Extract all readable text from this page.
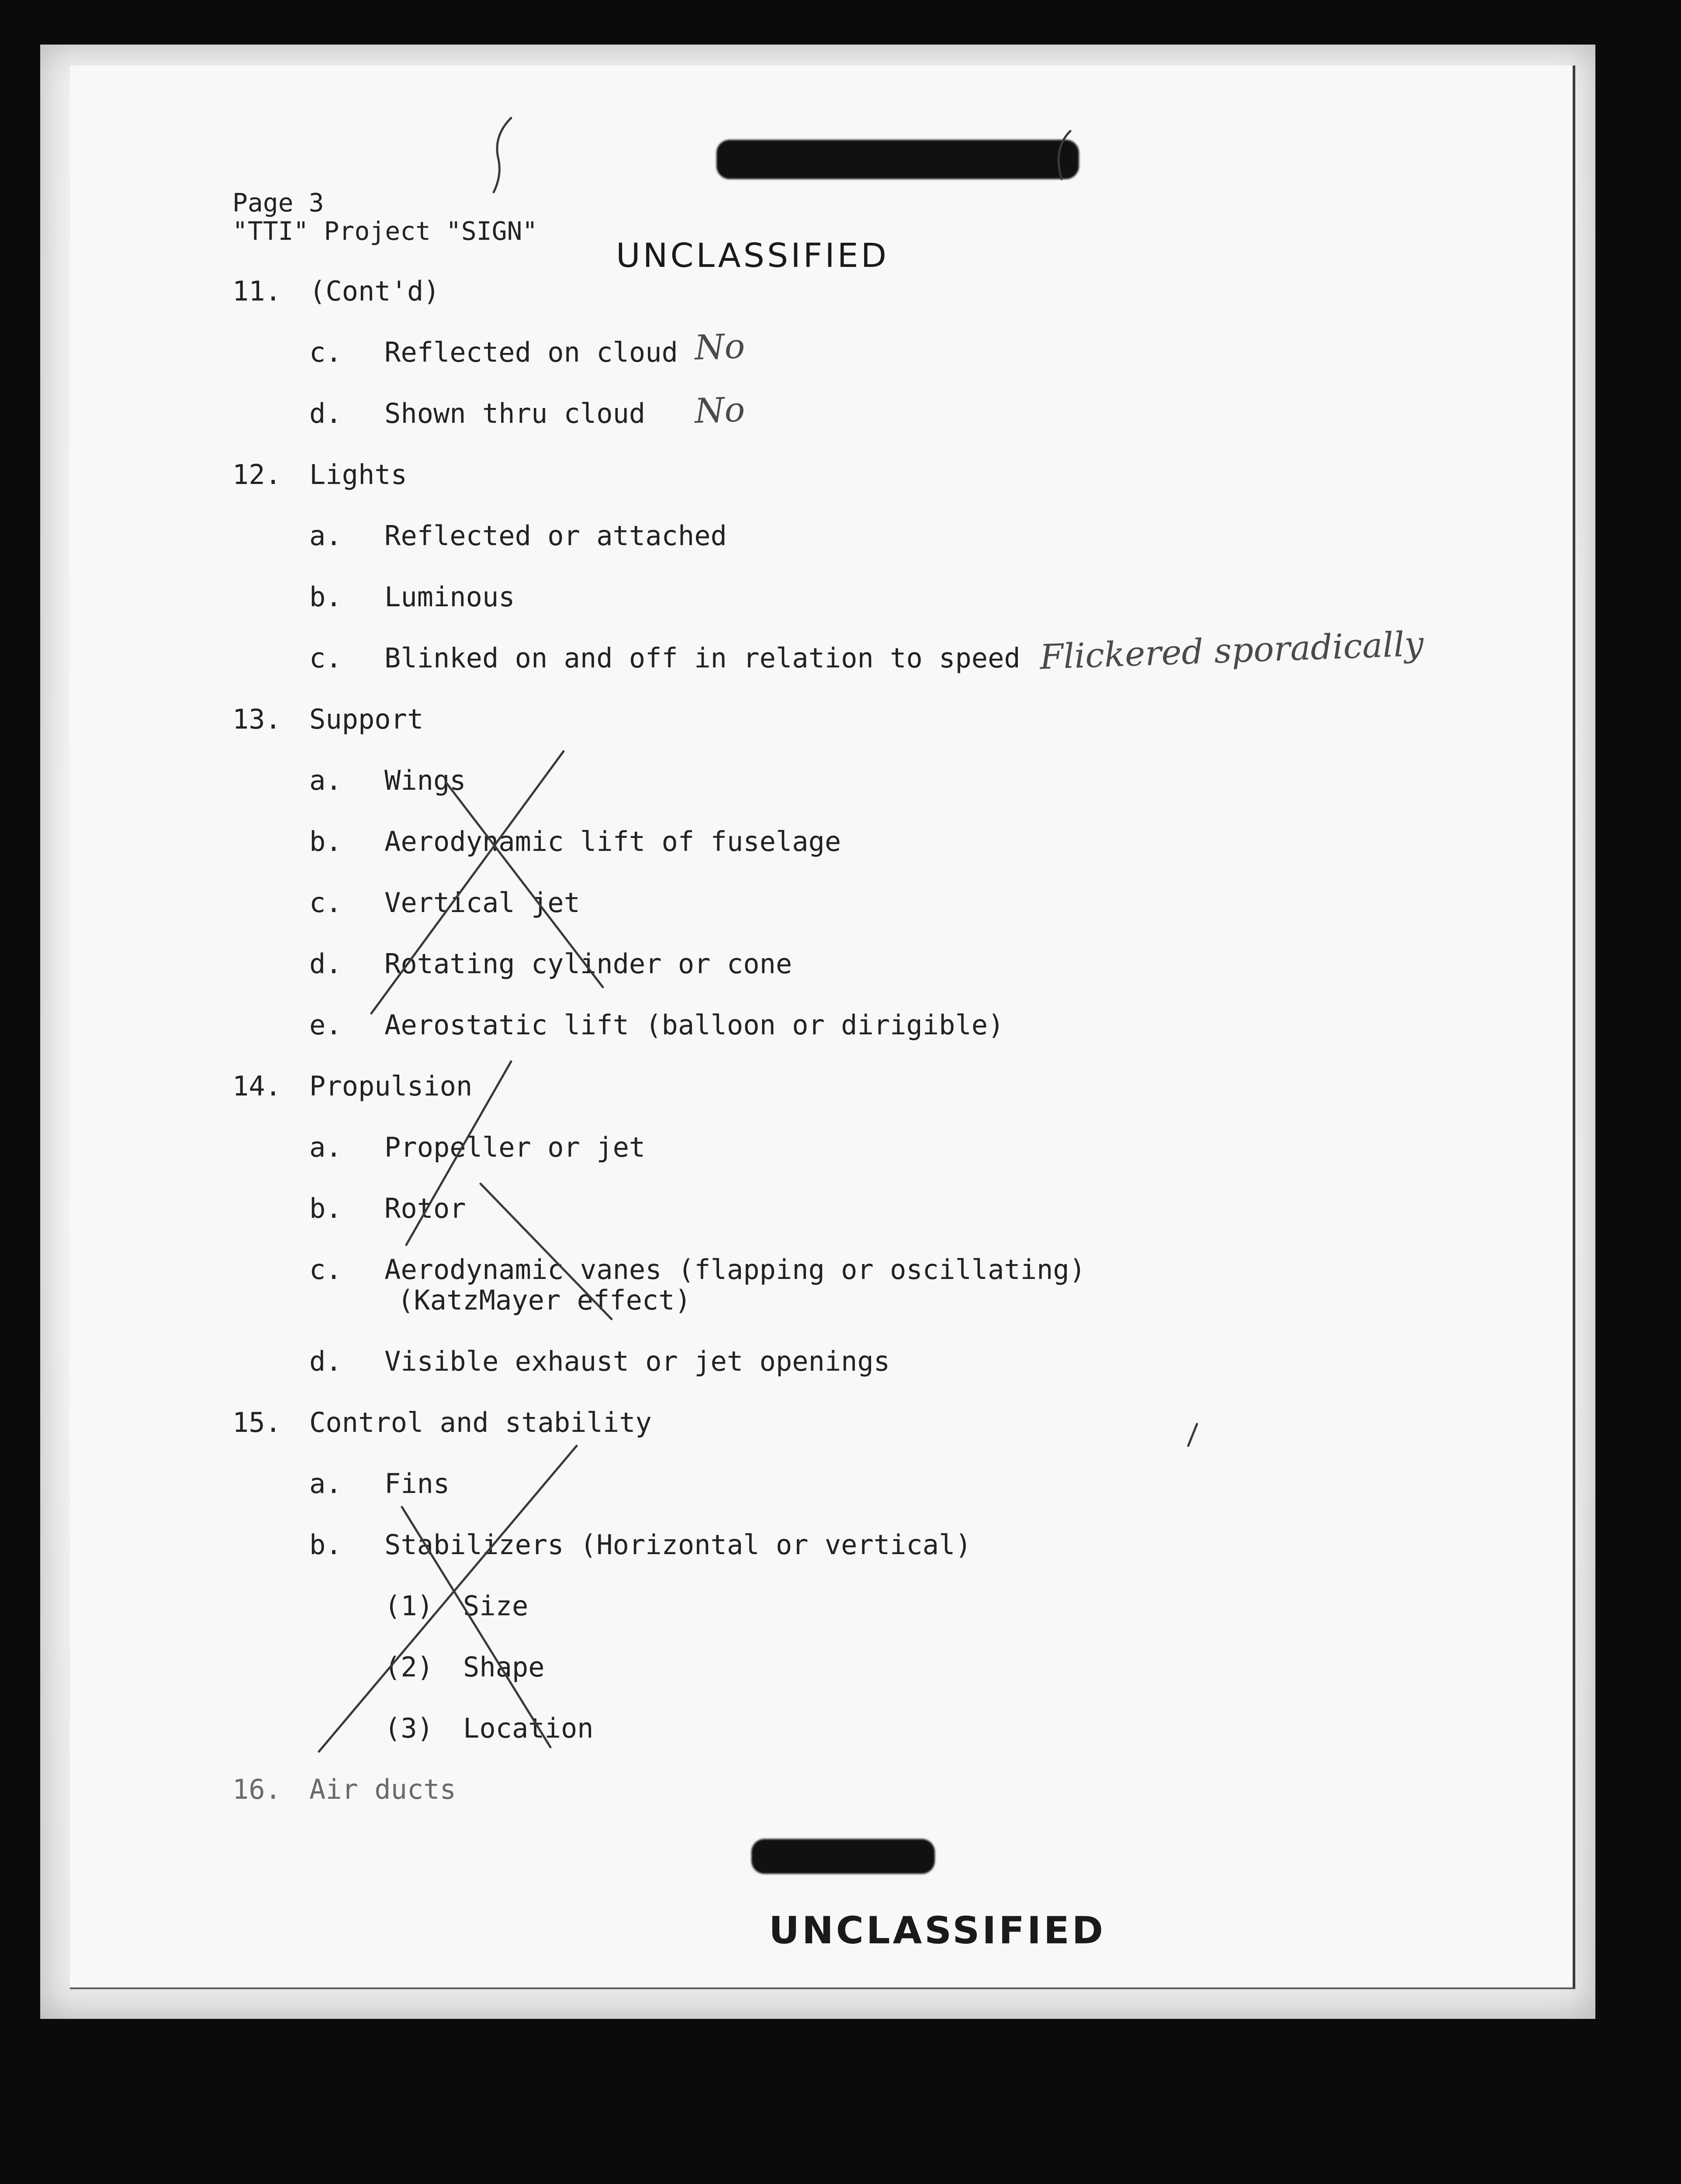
Page 3
"TTI" Project "SIGN"
UNCLASSIFIED
11. (Cont'd)
c. Reflected on cloud No
d. Shown thru cloud No
12. Lights
a. Reflected or attached
b. Luminous
c. Blinked on and off in relation to speed Flickered sporadically
13. Support
a. Wings
b. Aerodynamic lift of fuselage
c. Vertical jet
d. Rotating cylinder or cone
e. Aerostatic lift (balloon or dirigible)
14. Propulsion
a. Propeller or jet
b. Rotor
c. Aerodynamic vanes (flapping or oscillating)
(KatzMayer effect)
d. Visible exhaust or jet openings
15. Control and stability
a. Fins
b. Stabilizers (Horizontal or vertical)
(1) Size
(2) Shape
(3) Location
16. Air ducts
UNCLASSIFIED
